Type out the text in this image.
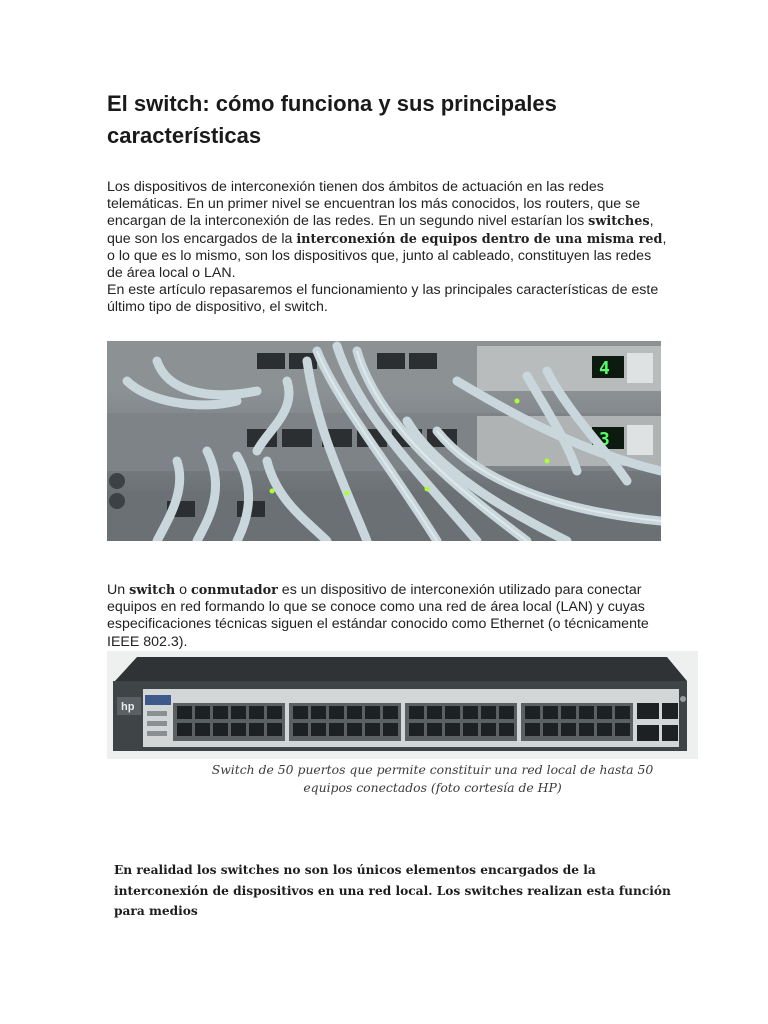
El switch: cómo funciona y sus principales características
Los dispositivos de interconexión tienen dos ámbitos de actuación en las redes telemáticas. En un primer nivel se encuentran los más conocidos, los routers, que se encargan de la interconexión de las redes. En un segundo nivel estarían los switches, que son los encargados de la interconexión de equipos dentro de una misma red, o lo que es lo mismo, son los dispositivos que, junto al cableado, constituyen las redes de área local o LAN.
En este artículo repasaremos el funcionamiento y las principales características de este último tipo de dispositivo, el switch.
4
3
Un switch o conmutador es un dispositivo de interconexión utilizado para conectar equipos en red formando lo que se conoce como una red de área local (LAN) y cuyas especificaciones técnicas siguen el estándar conocido como Ethernet (o técnicamente IEEE 802.3).
hp
Switch de 50 puertos que permite constituir una red local de hasta 50 equipos conectados (foto cortesía de HP)
En realidad los switches no son los únicos elementos encargados de la interconexión de dispositivos en una red local. Los switches realizan esta función para medios
